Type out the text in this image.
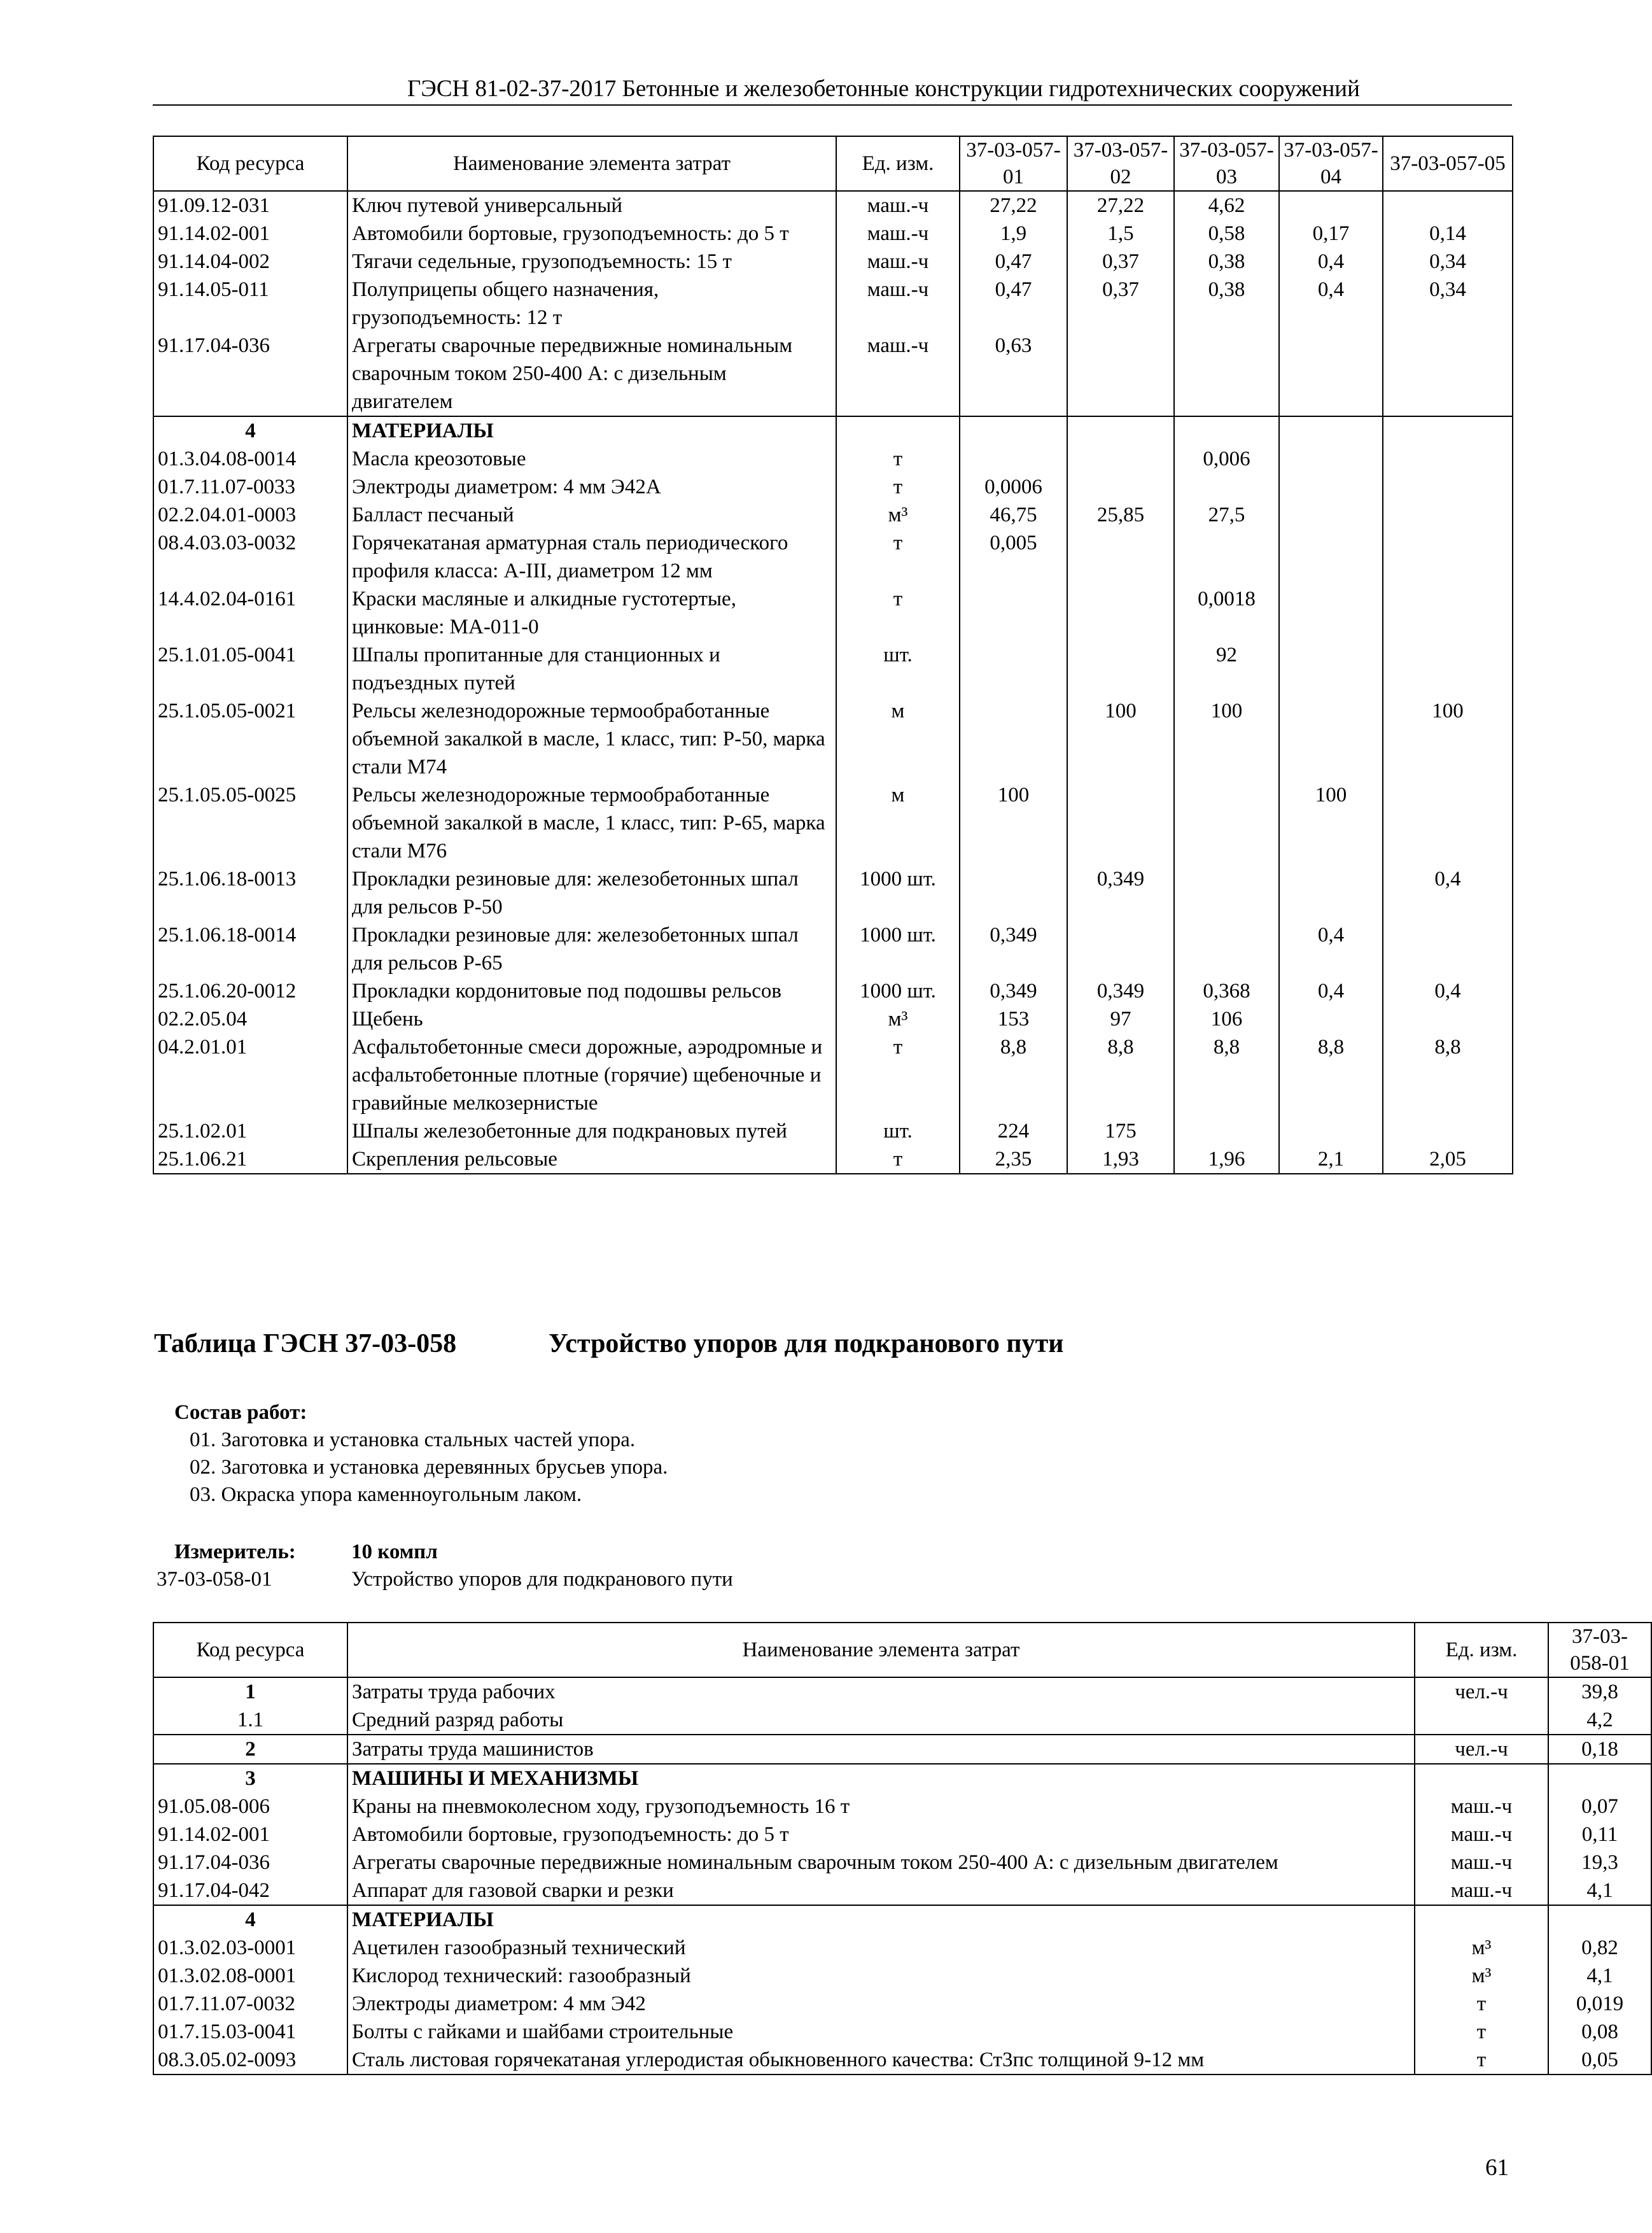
ГЭСН 81-02-37-2017 Бетонные и железобетонные конструкции гидротехнических сооружений
Код ресурса	Наименование элемента затрат	Ед. изм.	37-03-057-01	37-03-057-02	37-03-057-03	37-03-057-04	37-03-057-05
91.09.12-031	Ключ путевой универсальный	маш.-ч	27,22	27,22	4,62		
91.14.02-001	Автомобили бортовые, грузоподъемность: до 5 т	маш.-ч	1,9	1,5	0,58	0,17	0,14
91.14.04-002	Тягачи седельные, грузоподъемность: 15 т	маш.-ч	0,47	0,37	0,38	0,4	0,34
91.14.05-011	Полуприцепы общего назначения, грузоподъемность: 12 т	маш.-ч	0,47	0,37	0,38	0,4	0,34
91.17.04-036	Агрегаты сварочные передвижные номинальным сварочным током 250-400 А: с дизельным двигателем	маш.-ч	0,63				
4	МАТЕРИАЛЫ						
01.3.04.08-0014	Масла креозотовые	т			0,006		
01.7.11.07-0033	Электроды диаметром: 4 мм Э42А	т	0,0006				
02.2.04.01-0003	Балласт песчаный	м³	46,75	25,85	27,5		
08.4.03.03-0032	Горячекатаная арматурная сталь периодического профиля класса: А-III, диаметром 12 мм	т	0,005				
14.4.02.04-0161	Краски масляные и алкидные густотертые, цинковые: МА-011-0	т			0,0018		
25.1.01.05-0041	Шпалы пропитанные для станционных и подъездных путей	шт.			92		
25.1.05.05-0021	Рельсы железнодорожные термообработанные объемной закалкой в масле, 1 класс, тип: Р-50, марка стали М74	м		100	100		100
25.1.05.05-0025	Рельсы железнодорожные термообработанные объемной закалкой в масле, 1 класс, тип: Р-65, марка стали М76	м	100			100	
25.1.06.18-0013	Прокладки резиновые для: железобетонных шпал для рельсов Р-50	1000 шт.		0,349			0,4
25.1.06.18-0014	Прокладки резиновые для: железобетонных шпал для рельсов Р-65	1000 шт.	0,349			0,4	
25.1.06.20-0012	Прокладки кордонитовые под подошвы рельсов	1000 шт.	0,349	0,349	0,368	0,4	0,4
02.2.05.04	Щебень	м³	153	97	106		
04.2.01.01	Асфальтобетонные смеси дорожные, аэродромные и асфальтобетонные плотные (горячие) щебеночные и гравийные мелкозернистые	т	8,8	8,8	8,8	8,8	8,8
25.1.02.01	Шпалы железобетонные для подкрановых путей	шт.	224	175			
25.1.06.21	Скрепления рельсовые	т	2,35	1,93	1,96	2,1	2,05
Таблица ГЭСН 37-03-058	Устройство упоров для подкранового пути
Состав работ:
01. Заготовка и установка стальных частей упора.
02. Заготовка и установка деревянных брусьев упора.
03. Окраска упора каменноугольным лаком.
Измеритель:	10 компл
37-03-058-01	Устройство упоров для подкранового пути
Код ресурса	Наименование элемента затрат	Ед. изм.	37-03-058-01
1	Затраты труда рабочих	чел.-ч	39,8
1.1	Средний разряд работы		4,2
2	Затраты труда машинистов	чел.-ч	0,18
3	МАШИНЫ И МЕХАНИЗМЫ		
91.05.08-006	Краны на пневмоколесном ходу, грузоподъемность 16 т	маш.-ч	0,07
91.14.02-001	Автомобили бортовые, грузоподъемность: до 5 т	маш.-ч	0,11
91.17.04-036	Агрегаты сварочные передвижные номинальным сварочным током 250-400 А: с дизельным двигателем	маш.-ч	19,3
91.17.04-042	Аппарат для газовой сварки и резки	маш.-ч	4,1
4	МАТЕРИАЛЫ		
01.3.02.03-0001	Ацетилен газообразный технический	м³	0,82
01.3.02.08-0001	Кислород технический: газообразный	м³	4,1
01.7.11.07-0032	Электроды диаметром: 4 мм Э42	т	0,019
01.7.15.03-0041	Болты с гайками и шайбами строительные	т	0,08
08.3.05.02-0093	Сталь листовая горячекатаная углеродистая обыкновенного качества: Ст3пс толщиной 9-12 мм	т	0,05
61
